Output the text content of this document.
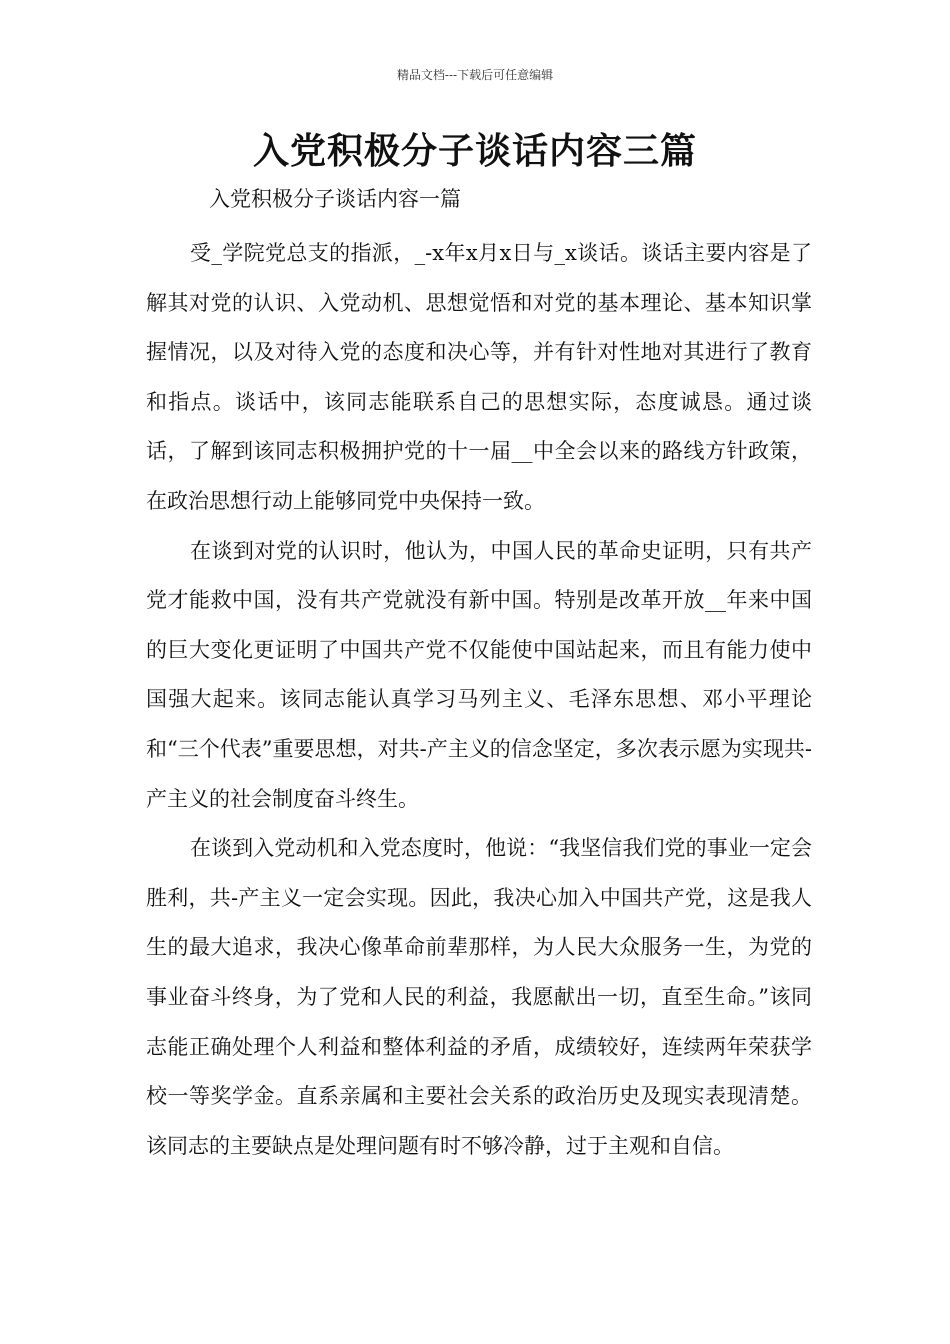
精品文档---下载后可任意编辑
入党积极分子谈话内容三篇
入党积极分子谈话内容一篇

受_学院党总支的指派，_-x年x月x日与_x谈话。谈话主要内容是了解其对党的认识、入党动机、思想觉悟和对党的基本理论、基本知识掌握情况，以及对待入党的态度和决心等，并有针对性地对其进行了教育和指点。谈话中，该同志能联系自己的思想实际，态度诚恳。通过谈话，了解到该同志积极拥护党的十一届__中全会以来的路线方针政策，在政治思想行动上能够同党中央保持一致。

在谈到对党的认识时，他认为，中国人民的革命史证明，只有共产党才能救中国，没有共产党就没有新中国。特别是改革开放__年来中国的巨大变化更证明了中国共产党不仅能使中国站起来，而且有能力使中国强大起来。该同志能认真学习马列主义、毛泽东思想、邓小平理论和“三个代表”重要思想，对共-产主义的信念坚定，多次表示愿为实现共-产主义的社会制度奋斗终生。

在谈到入党动机和入党态度时，他说：“我坚信我们党的事业一定会胜利，共-产主义一定会实现。因此，我决心加入中国共产党，这是我人生的最大追求，我决心像革命前辈那样，为人民大众服务一生，为党的事业奋斗终身，为了党和人民的利益，我愿献出一切，直至生命。”该同志能正确处理个人利益和整体利益的矛盾，成绩较好，连续两年荣获学校一等奖学金。直系亲属和主要社会关系的政治历史及现实表现清楚。该同志的主要缺点是处理问题有时不够冷静，过于主观和自信。
